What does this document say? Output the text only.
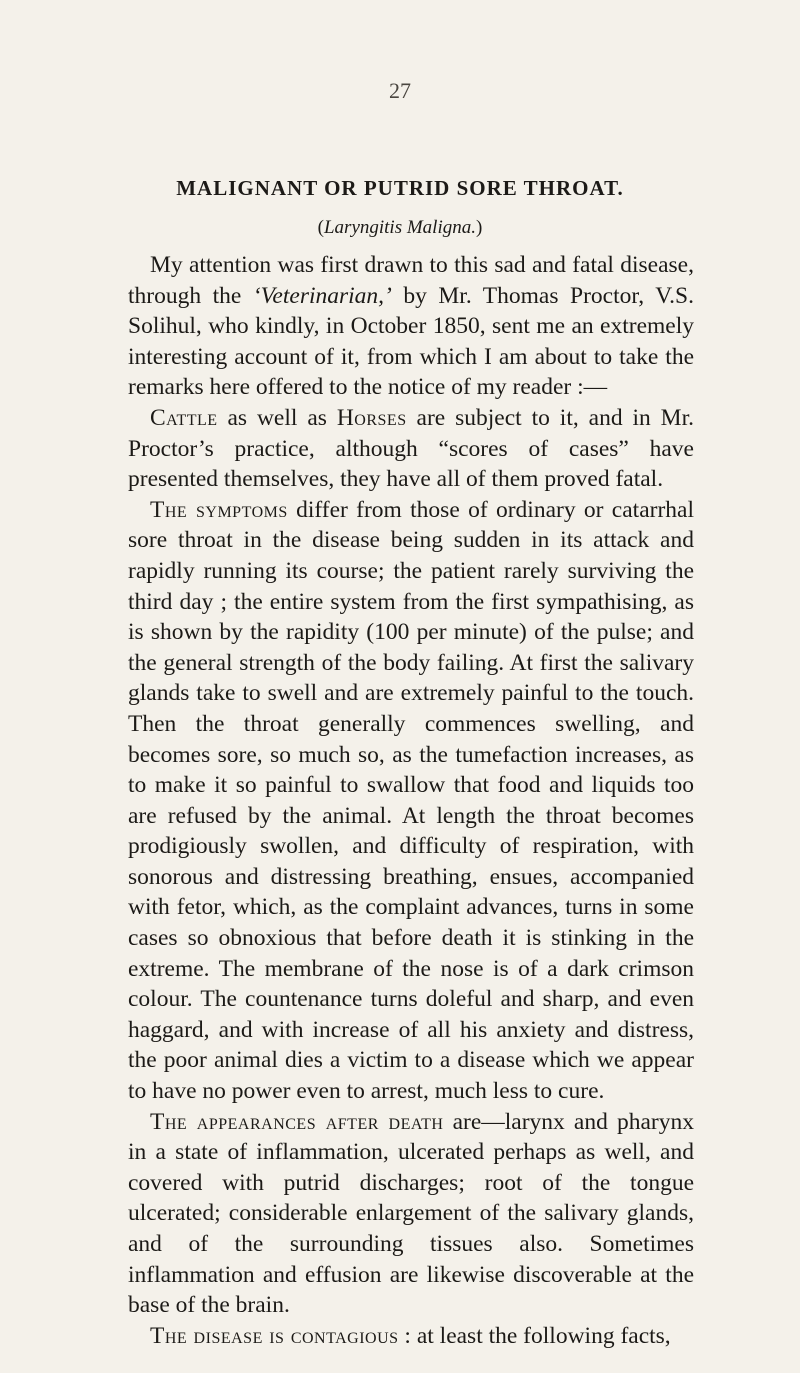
27
MALIGNANT OR PUTRID SORE THROAT.
(Laryngitis Maligna.)

My attention was first drawn to this sad and fatal disease, through the ‘Veterinarian,’ by Mr. Thomas Proctor, V.S. Solihul, who kindly, in October 1850, sent me an extremely interesting account of it, from which I am about to take the remarks here offered to the notice of my reader :—

Cattle as well as Horses are subject to it, and in Mr. Proctor’s practice, although “scores of cases” have presented themselves, they have all of them proved fatal.

The symptoms differ from those of ordinary or catarrhal sore throat in the disease being sudden in its attack and rapidly running its course; the patient rarely surviving the third day ; the entire system from the first sympathising, as is shown by the rapidity (100 per minute) of the pulse; and the general strength of the body failing. At first the salivary glands take to swell and are extremely painful to the touch. Then the throat generally commences swelling, and becomes sore, so much so, as the tumefaction increases, as to make it so painful to swallow that food and liquids too are refused by the animal. At length the throat becomes prodigiously swollen, and difficulty of respiration, with sonorous and distressing breathing, ensues, accompanied with fetor, which, as the complaint advances, turns in some cases so obnoxious that before death it is stinking in the extreme. The membrane of the nose is of a dark crimson colour. The countenance turns doleful and sharp, and even haggard, and with increase of all his anxiety and distress, the poor animal dies a victim to a disease which we appear to have no power even to arrest, much less to cure.

The appearances after death are—larynx and pharynx in a state of inflammation, ulcerated perhaps as well, and covered with putrid discharges; root of the tongue ulcerated; considerable enlargement of the salivary glands, and of the surrounding tissues also. Sometimes inflammation and effusion are likewise discoverable at the base of the brain.

The disease is contagious : at least the following facts,
